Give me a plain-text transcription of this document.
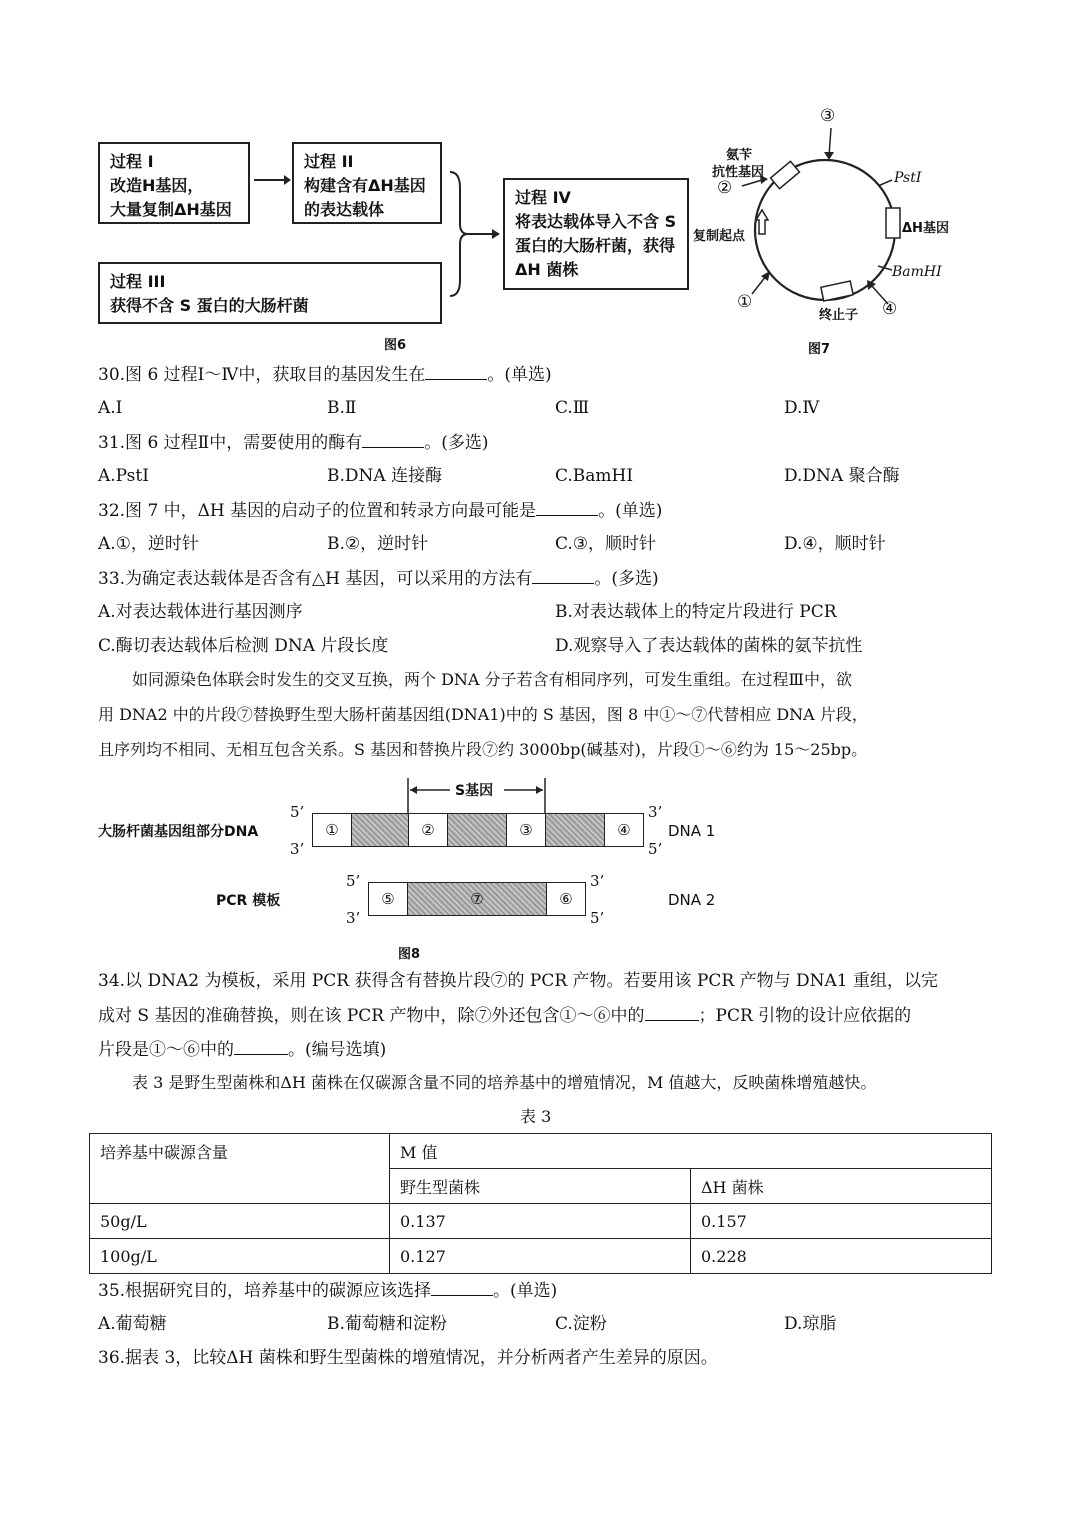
过程 I
改造H基因，
大量复制ΔH基因
过程 II
构建含有ΔH基因
的表达载体
过程 III
获得不含 S 蛋白的大肠杆菌
过程 IV
将表达载体导入不含 S
蛋白的大肠杆菌，获得
ΔH 菌株
图6
③
氨苄
抗性基因
②	PstI
ΔH基因
复制起点
BamHI
①	④
终止子
图7
30.图 6 过程Ⅰ～Ⅳ中，获取目的基因发生在	。(单选)
A.Ⅰ	B.Ⅱ	C.Ⅲ	D.Ⅳ
31.图 6 过程Ⅱ中，需要使用的酶有	。(多选)
A.PstⅠ	B.DNA 连接酶	C.BamHⅠ	D.DNA 聚合酶
32.图 7 中，ΔH 基因的启动子的位置和转录方向最可能是	。(单选)
A.①，逆时针	B.②，逆时针	C.③，顺时针	D.④，顺时针
33.为确定表达载体是否含有△H 基因，可以采用的方法有	。(多选)
A.对表达载体进行基因测序	B.对表达载体上的特定片段进行 PCR
C.酶切表达载体后检测 DNA 片段长度	D.观察导入了表达载体的菌株的氨苄抗性
如同源染色体联会时发生的交叉互换，两个 DNA 分子若含有相同序列，可发生重组。在过程Ⅲ中，欲
用 DNA2 中的片段⑦替换野生型大肠杆菌基因组(DNA1)中的 S 基因，图 8 中①～⑦代替相应 DNA 片段，
且序列均不相同、无相互包含关系。S 基因和替换片段⑦约 3000bp(碱基对)，片段①～⑥约为 15～25bp。
S基因
大肠杆菌基因组部分DNA
5’
3’
①	②	③	④
3’
5’
DNA 1
PCR 模板
5’
3’
⑤	⑦	⑥
3’
5’
DNA 2
图8
34.以 DNA2 为模板，采用 PCR 获得含有替换片段⑦的 PCR 产物。若要用该 PCR 产物与 DNA1 重组，以完
成对 S 基因的准确替换，则在该 PCR 产物中，除⑦外还包含①～⑥中的	；PCR 引物的设计应依据的
片段是①～⑥中的	。(编号选填)
表 3 是野生型菌株和ΔH 菌株在仅碳源含量不同的培养基中的增殖情况，M 值越大，反映菌株增殖越快。
表 3
培养基中碳源含量	M 值	
	野生型菌株	ΔH 菌株
50g/L	0.137	0.157
100g/L	0.127	0.228
35.根据研究目的，培养基中的碳源应该选择	。(单选)
A.葡萄糖	B.葡萄糖和淀粉	C.淀粉	D.琼脂
36.据表 3，比较ΔH 菌株和野生型菌株的增殖情况，并分析两者产生差异的原因。
